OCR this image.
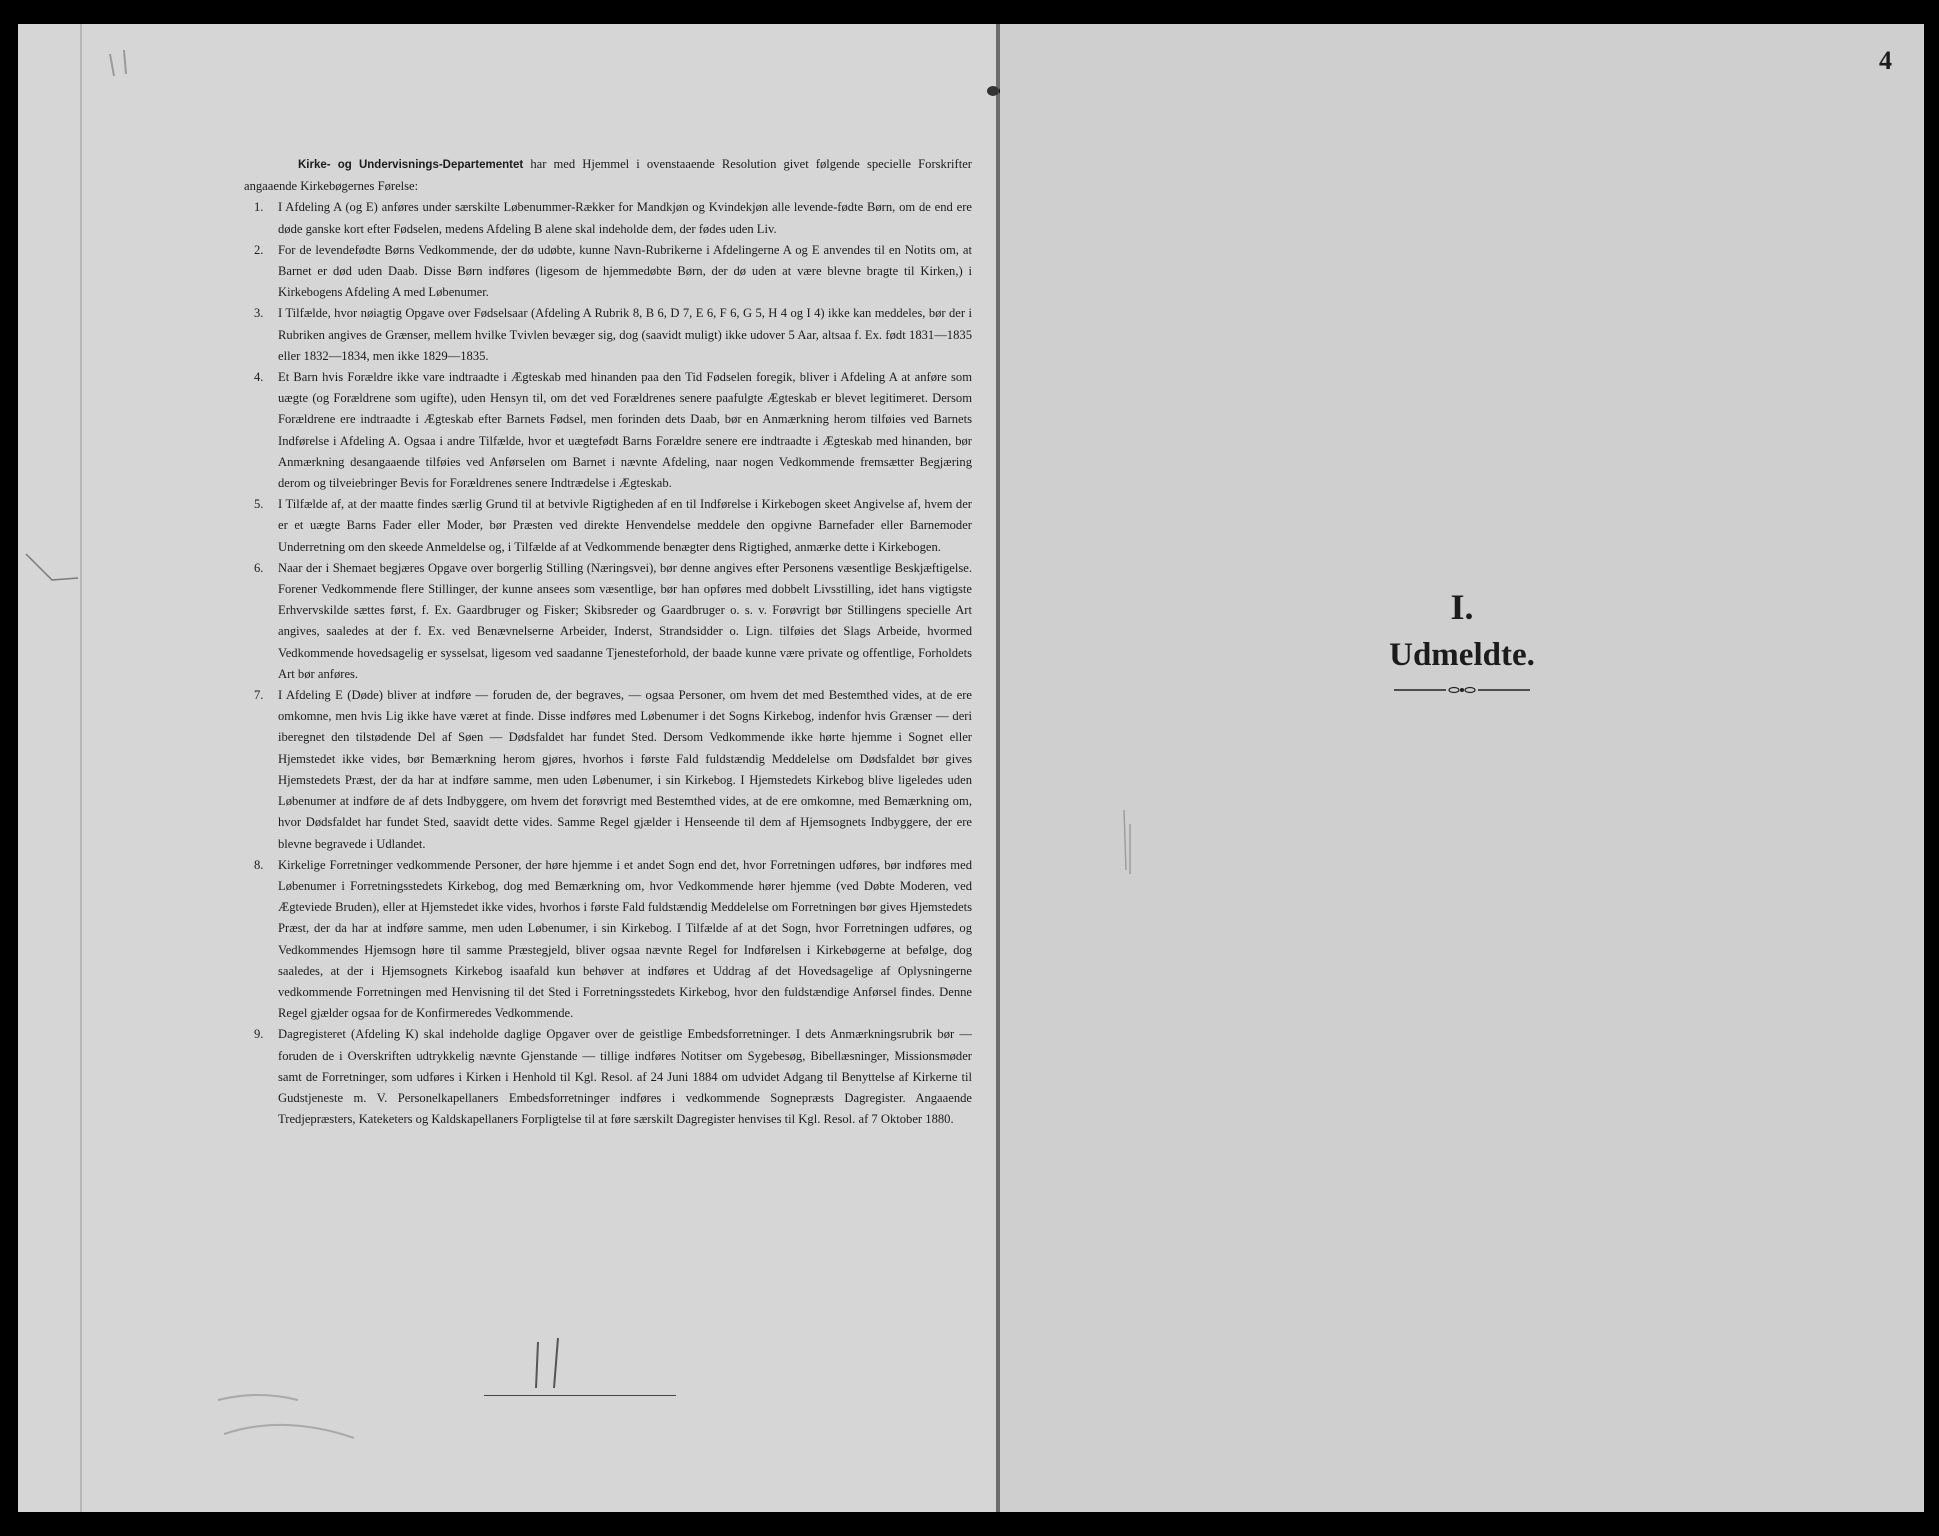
Kirke- og Undervisnings-Departementet har med Hjemmel i ovenstaaende Resolution givet følgende specielle Forskrifter angaaende Kirkebøgernes Førelse:

1. I Afdeling A (og E) anføres under særskilte Løbenummer-Rækker for Mandkjøn og Kvindekjøn alle levende-fødte Børn, om de end ere døde ganske kort efter Fødselen, medens Afdeling B alene skal indeholde dem, der fødes uden Liv.
2. For de levendefødte Børns Vedkommende, der dø udøbte, kunne Navn-Rubrikerne i Afdelingerne A og E anvendes til en Notits om, at Barnet er død uden Daab. Disse Børn indføres (ligesom de hjemmedøbte Børn, der dø uden at være blevne bragte til Kirken,) i Kirkebogens Afdeling A med Løbenumer.
3. I Tilfælde, hvor nøiagtig Opgave over Fødselsaar (Afdeling A Rubrik 8, B 6, D 7, E 6, F 6, G 5, H 4 og I 4) ikke kan meddeles, bør der i Rubriken angives de Grænser, mellem hvilke Tvivlen bevæger sig, dog (saavidt muligt) ikke udover 5 Aar, altsaa f. Ex. født 1831—1835 eller 1832—1834, men ikke 1829—1835.
4. Et Barn hvis Forældre ikke vare indtraadte i Ægteskab med hinanden paa den Tid Fødselen foregik, bliver i Afdeling A at anføre som uægte (og Forældrene som ugifte), uden Hensyn til, om det ved Forældrenes senere paafulgte Ægteskab er blevet legitimeret. Dersom Forældrene ere indtraadte i Ægteskab efter Barnets Fødsel, men forinden dets Daab, bør en Anmærkning herom tilføies ved Barnets Indførelse i Afdeling A. Ogsaa i andre Tilfælde, hvor et uægtefødt Barns Forældre senere ere indtraadte i Ægteskab med hinanden, bør Anmærkning desangaaende tilføies ved Anførselen om Barnet i nævnte Afdeling, naar nogen Vedkommende fremsætter Begjæring derom og tilveiebringer Bevis for Forældrenes senere Indtrædelse i Ægteskab.
5. I Tilfælde af, at der maatte findes særlig Grund til at betvivle Rigtigheden af en til Indførelse i Kirkebogen skeet Angivelse af, hvem der er et uægte Barns Fader eller Moder, bør Præsten ved direkte Henvendelse meddele den opgivne Barnefader eller Barnemoder Underretning om den skeede Anmeldelse og, i Tilfælde af at Vedkommende benægter dens Rigtighed, anmærke dette i Kirkebogen.
6. Naar der i Shemaet begjæres Opgave over borgerlig Stilling (Næringsvei), bør denne angives efter Personens væsentlige Beskjæftigelse. Forener Vedkommende flere Stillinger, der kunne ansees som væsentlige, bør han opføres med dobbelt Livsstilling, idet hans vigtigste Erhvervskilde sættes først, f. Ex. Gaardbruger og Fisker; Skibsreder og Gaardbruger o. s. v. Forøvrigt bør Stillingens specielle Art angives, saaledes at der f. Ex. ved Benævnelserne Arbeider, Inderst, Strandsidder o. Lign. tilføies det Slags Arbeide, hvormed Vedkommende hovedsagelig er sysselsat, ligesom ved saadanne Tjenesteforhold, der baade kunne være private og offentlige, Forholdets Art bør anføres.
7. I Afdeling E (Døde) bliver at indføre — foruden de, der begraves, — ogsaa Personer, om hvem det med Bestemthed vides, at de ere omkomne, men hvis Lig ikke have været at finde. Disse indføres med Løbenumer i det Sogns Kirkebog, indenfor hvis Grænser — deri iberegnet den tilstødende Del af Søen — Dødsfaldet har fundet Sted. Dersom Vedkommende ikke hørte hjemme i Sognet eller Hjemstedet ikke vides, bør Bemærkning herom gjøres, hvorhos i første Fald fuldstændig Meddelelse om Dødsfaldet bør gives Hjemstedets Præst, der da har at indføre samme, men uden Løbenumer, i sin Kirkebog. I Hjemstedets Kirkebog blive ligeledes uden Løbenumer at indføre de af dets Indbyggere, om hvem det forøvrigt med Bestemthed vides, at de ere omkomne, med Bemærkning om, hvor Dødsfaldet har fundet Sted, saavidt dette vides. Samme Regel gjælder i Henseende til dem af Hjemsognets Indbyggere, der ere blevne begravede i Udlandet.
8. Kirkelige Forretninger vedkommende Personer, der høre hjemme i et andet Sogn end det, hvor Forretningen udføres, bør indføres med Løbenumer i Forretningsstedets Kirkebog, dog med Bemærkning om, hvor Vedkommende hører hjemme (ved Døbte Moderen, ved Ægteviede Bruden), eller at Hjemstedet ikke vides, hvorhos i første Fald fuldstændig Meddelelse om Forretningen bør gives Hjemstedets Præst, der da har at indføre samme, men uden Løbenumer, i sin Kirkebog. I Tilfælde af at det Sogn, hvor Forretningen udføres, og Vedkommendes Hjemsogn høre til samme Præstegjeld, bliver ogsaa nævnte Regel for Indførelsen i Kirkebøgerne at befølge, dog saaledes, at der i Hjemsognets Kirkebog isaafald kun behøver at indføres et Uddrag af det Hovedsagelige af Oplysningerne vedkommende Forretningen med Henvisning til det Sted i Forretningsstedets Kirkebog, hvor den fuldstændige Anførsel findes. Denne Regel gjælder ogsaa for de Konfirmeredes Vedkommende.
9. Dagregisteret (Afdeling K) skal indeholde daglige Opgaver over de geistlige Embedsforretninger. I dets Anmærkningsrubrik bør — foruden de i Overskriften udtrykkelig nævnte Gjenstande — tillige indføres Notitser om Sygebesøg, Bibellæsninger, Missionsmøder samt de Forretninger, som udføres i Kirken i Henhold til Kgl. Resol. af 24 Juni 1884 om udvidet Adgang til Benyttelse af Kirkerne til Gudstjeneste m. V. Personelkapellaners Embedsforretninger indføres i vedkommende Sognepræsts Dagregister. Angaaende Tredjepræsters, Kateketers og Kaldskapellaners Forpligtelse til at føre særskilt Dagregister henvises til Kgl. Resol. af 7 Oktober 1880.
4
I.
Udmeldte.
